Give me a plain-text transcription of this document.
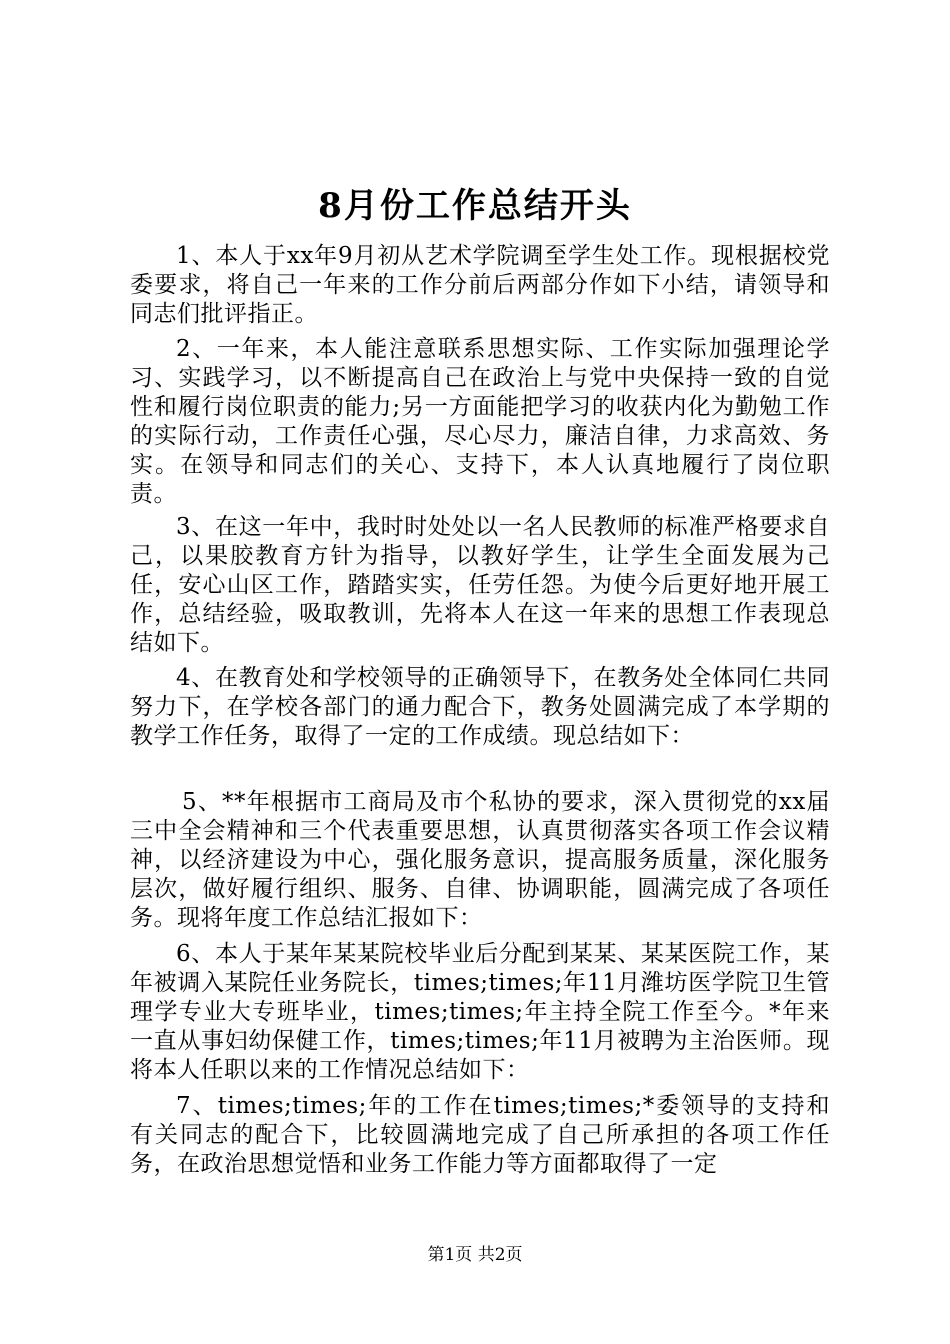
8月份工作总结开头
1、本人于xx年9月初从艺术学院调至学生处工作。现根据校党委要求，将自己一年来的工作分前后两部分作如下小结，请领导和同志们批评指正。
2、一年来，本人能注意联系思想实际、工作实际加强理论学习、实践学习，以不断提高自己在政治上与党中央保持一致的自觉性和履行岗位职责的能力;另一方面能把学习的收获内化为勤勉工作的实际行动，工作责任心强，尽心尽力，廉洁自律，力求高效、务实。在领导和同志们的关心、支持下，本人认真地履行了岗位职责。
3、在这一年中，我时时处处以一名人民教师的标准严格要求自己，以果胶教育方针为指导，以教好学生，让学生全面发展为己任，安心山区工作，踏踏实实，任劳任怨。为使今后更好地开展工作，总结经验，吸取教训，先将本人在这一年来的思想工作表现总结如下。
4、在教育处和学校领导的正确领导下，在教务处全体同仁共同努力下，在学校各部门的通力配合下，教务处圆满完成了本学期的教学工作任务，取得了一定的工作成绩。现总结如下：
5、**年根据市工商局及市个私协的要求，深入贯彻党的xx届三中全会精神和三个代表重要思想，认真贯彻落实各项工作会议精神，以经济建设为中心，强化服务意识，提高服务质量，深化服务层次，做好履行组织、服务、自律、协调职能，圆满完成了各项任务。现将年度工作总结汇报如下：
6、本人于某年某某院校毕业后分配到某某、某某医院工作，某年被调入某院任业务院长，times;times;年11月潍坊医学院卫生管理学专业大专班毕业，times;times;年主持全院工作至今。*年来一直从事妇幼保健工作，times;times;年11月被聘为主治医师。现将本人任职以来的工作情况总结如下：
7、times;times;年的工作在times;times;*委领导的支持和有关同志的配合下，比较圆满地完成了自己所承担的各项工作任务，在政治思想觉悟和业务工作能力等方面都取得了一定
第1页 共2页
